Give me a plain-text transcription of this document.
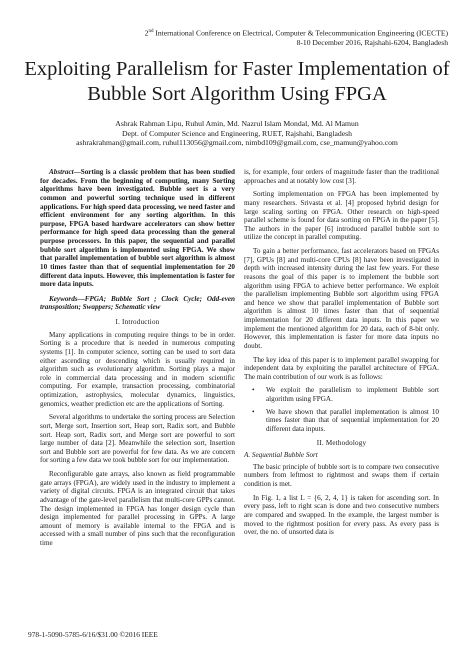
2nd International Conference on Electrical, Computer & Telecommunication Engineering (ICECTE)
8-10 December 2016, Rajshahi-6204, Bangladesh
Exploiting Parallelism for Faster Implementation of
Bubble Sort Algorithm Using FPGA
Ashrak Rahman Lipu, Ruhul Amin, Md. Nazrul Islam Mondal, Md. Al Mamun
Dept. of Computer Science and Engineering, RUET, Rajshahi, Bangladesh
ashrakrahman@gmail.com, ruhul113056@gmail.com, nimbd109@gmail.com, cse_mamun@yahoo.com

Abstract—Sorting is a classic problem that has been studied for decades. From the beginning of computing, many Sorting algorithms have been investigated. Bubble sort is a very common and powerful sorting technique used in different applications. For high speed data processing, we need faster and efficient environment for any sorting algorithm. In this purpose, FPGA based hardware accelerators can show better performance for high speed data processing than the general purpose processors. In this paper, the sequential and parallel bubble sort algorithm is implemented using FPGA. We show that parallel implementation of bubble sort algorithm is almost 10 times faster than that of sequential implementation for 20 different data inputs. However, this implementation is faster for more data inputs.

Keywords—FPGA; Bubble Sort ; Clock Cycle; Odd-even transposition; Swappers; Schematic view

I. Introduction

Many applications in computing require things to be in order. Sorting is a procedure that is needed in numerous computing systems [1]. In computer science, sorting can be used to sort data either ascending or descending which is usually required in algorithm such as evolutionary algorithm. Sorting plays a major role in commercial data processing and in modern scientific computing. For example, transaction processing, combinatorial optimization, astrophysics, molecular dynamics, linguistics, genomics, weather prediction etc are the applications of Sorting.

Several algorithms to undertake the sorting process are Selection sort, Merge sort, Insertion sort, Heap sort, Radix sort, and Bubble sort. Heap sort, Radix sort, and Merge sort are powerful to sort large number of data [2]. Meanwhile the selection sort, Insertion sort and Bubble sort are powerful for few data. As we are concern for sorting a few data we took bubble sort for our implementation.

Reconfigurable gate arrays, also known as field programmable gate arrays (FPGA), are widely used in the industry to implement a variety of digital circuits. FPGA is an integrated circuit that takes advantage of the gate-level parallelism that multi-core GPPs cannot. The design implemented in FPGA has longer design cycle than design implemented for parallel processing in GPPs. A large amount of memory is available internal to the FPGA and is accessed with a small number of pins such that the reconfiguration time

is, for example, four orders of magnitude faster than the traditional approaches and at notably low cost [3].

Sorting implementation on FPGA has been implemented by many researchers. Srivasta et al. [4] proposed hybrid design for large scaling sorting on FPGA. Other research on high-speed parallel scheme is found for data sorting on FPGA in the paper [5]. The authors in the paper [6] introduced parallel bubble sort to utilize the concept in parallel computing.

To gain a better performance, fast accelerators based on FPGAs [7], GPUs [8] and multi-core CPUs [8] have been investigated in depth with increased intensity during the last few years. For these reasons the goal of this paper is to implement the bubble sort algorithm using FPGA to achieve better performance. We exploit the parallelism implementing Bubble sort algorithm using FPGA and hence we show that parallel implementation of Bubble sort algorithm is almost 10 times faster than that of sequential implementation for 20 different data inputs. In this paper we implement the mentioned algorithm for 20 data, each of 8-bit only. However, this implementation is faster for more data inputs no doubt.

The key idea of this paper is to implement parallel swapping for independent data by exploiting the parallel architecture of FPGA. The main contribution of our work is as follows:

•	We exploit the parallelism to implement Bubble sort algorithm using FPGA.
•	We have shown that parallel implementation is almost 10 times faster than that of sequential implementation for 20 different data inputs.
II. Methodology
A. Sequential Bubble Sort

The basic principle of bubble sort is to compare two consecutive numbers from leftmost to rightmost and swaps them if certain condition is met.

In Fig. 1, a list L = {6, 2, 4, 1} is taken for ascending sort. In every pass, left to right scan is done and two consecutive numbers are compared and swapped. In the example, the largest number is moved to the rightmost position for every pass. As every pass is over, the no. of unsorted data is

978-1-5090-5785-6/16/$31.00 ©2016 IEEE
